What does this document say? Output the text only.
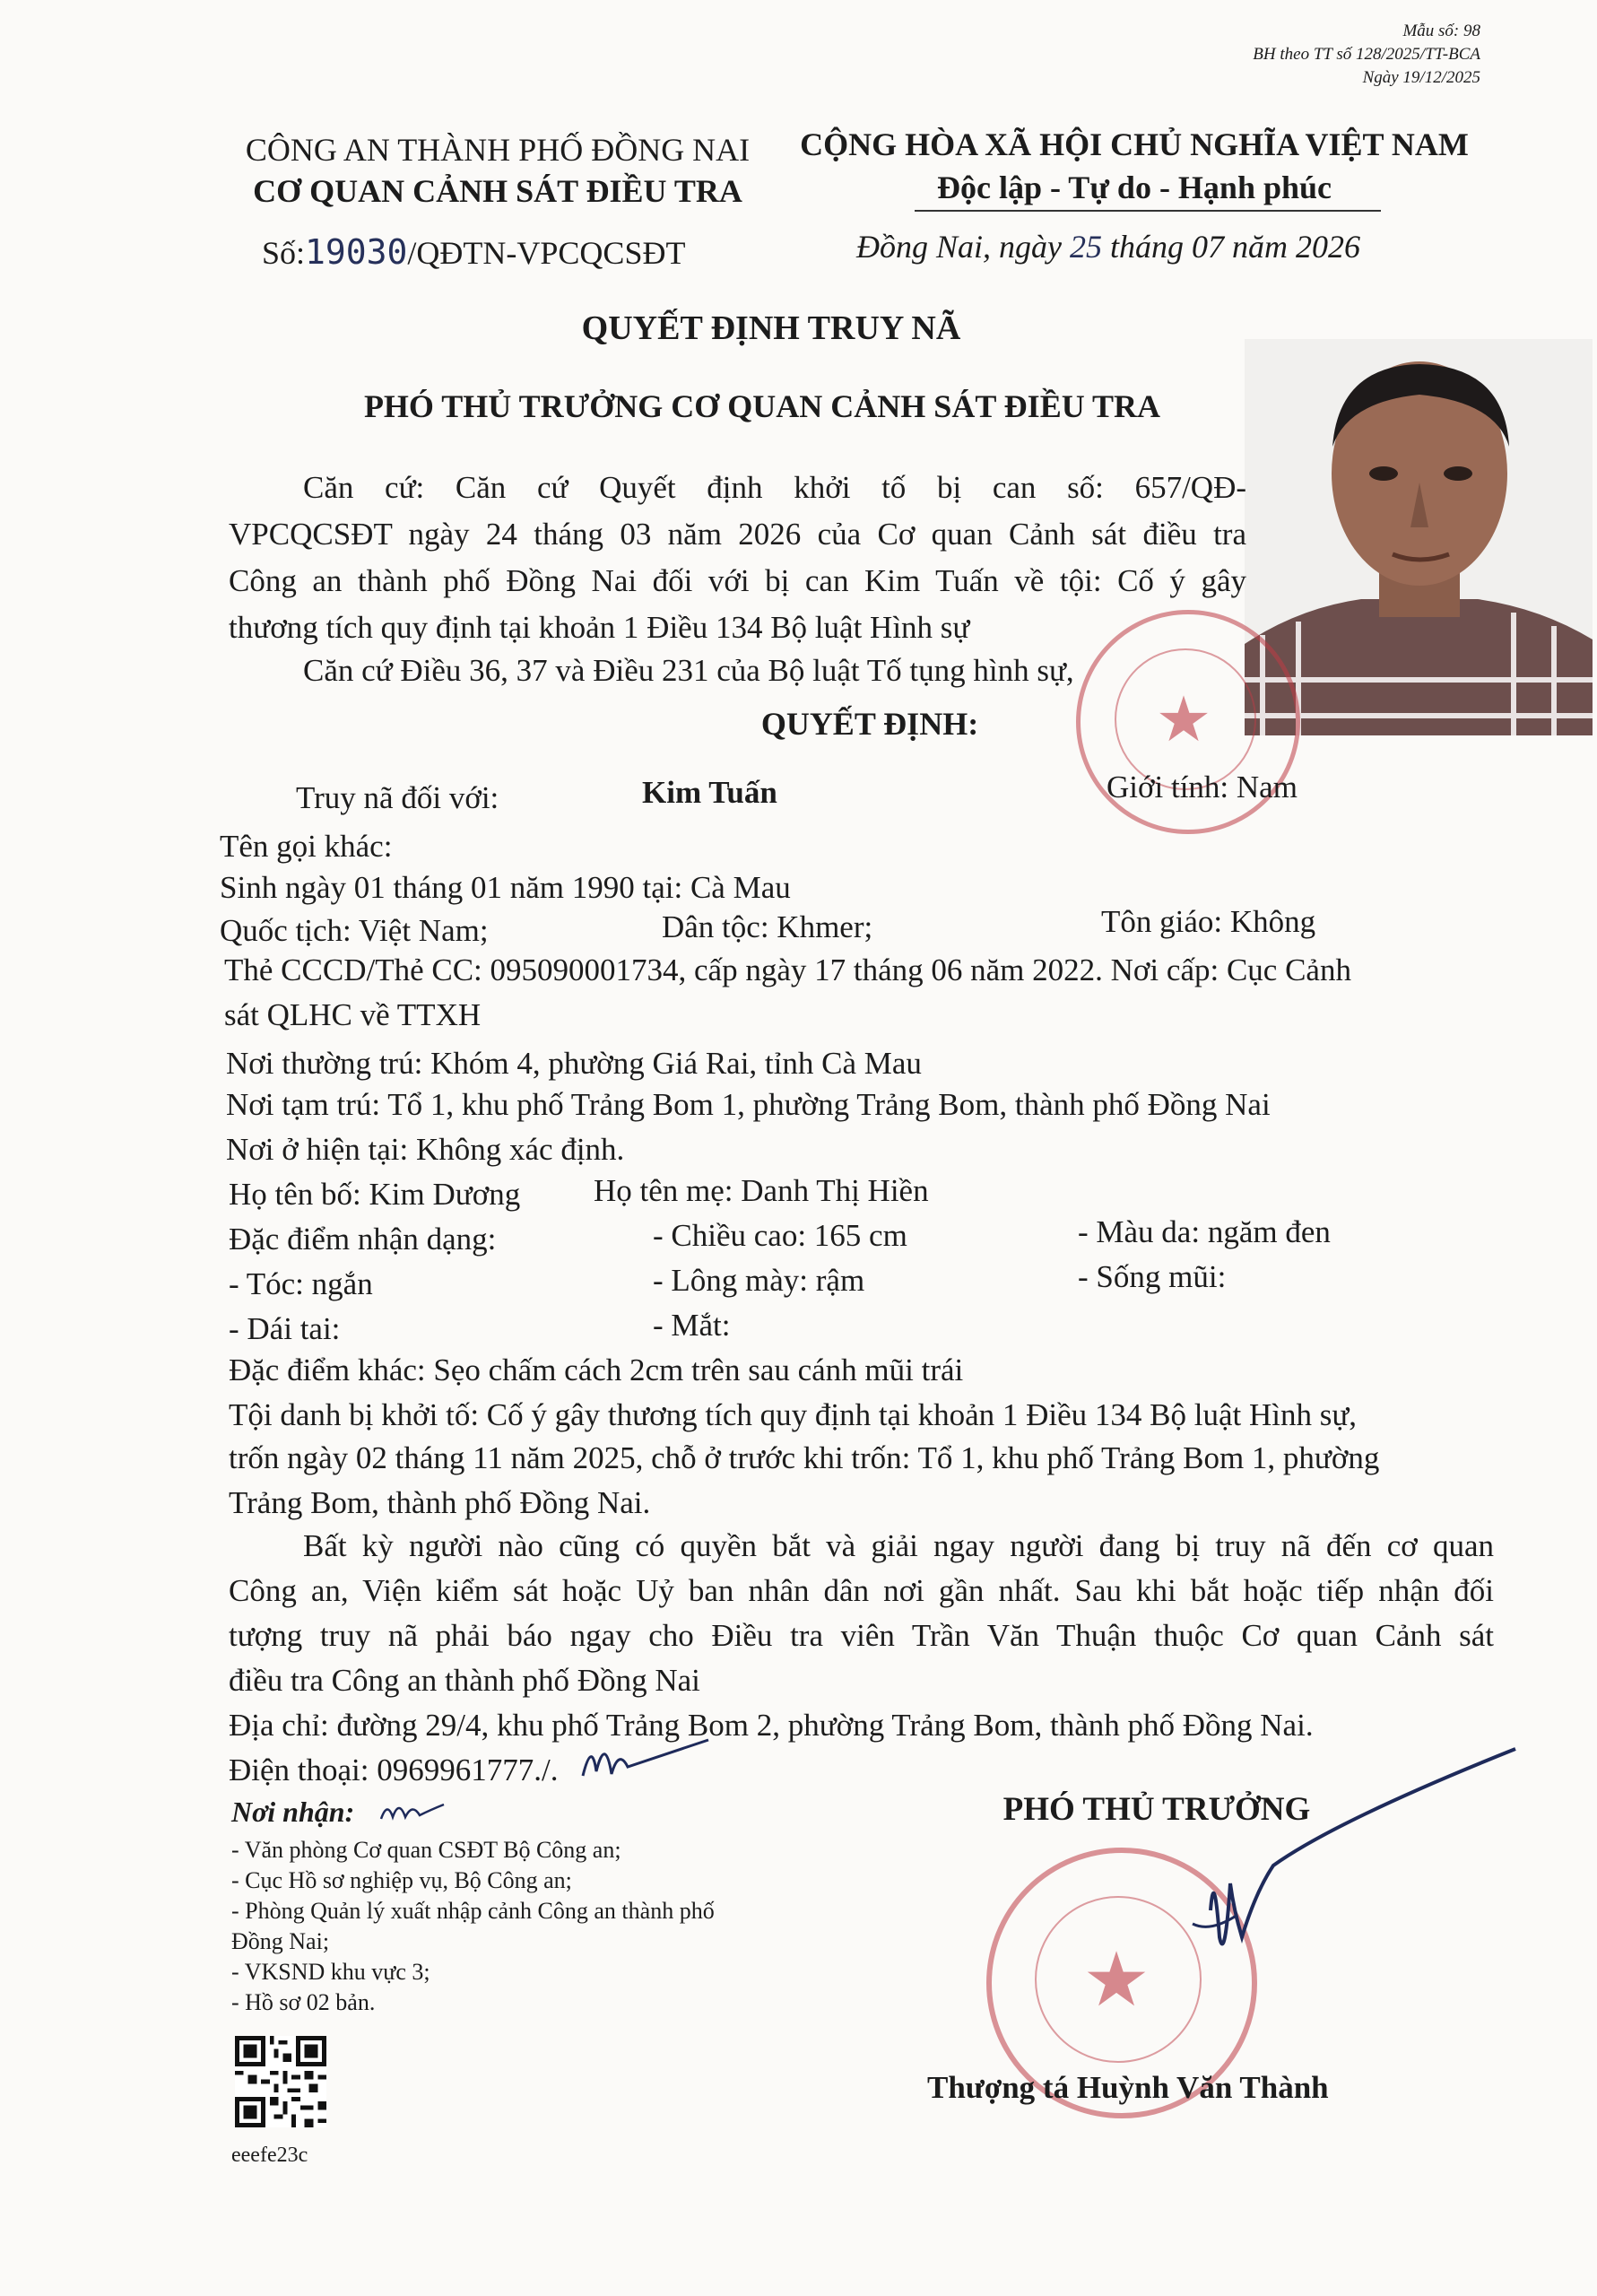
Mẫu số: 98
BH theo TT số 128/2025/TT-BCA
Ngày 19/12/2025
CÔNG AN THÀNH PHỐ ĐỒNG NAI
CƠ QUAN CẢNH SÁT ĐIỀU TRA
Số:19030/QĐTN-VPCQCSĐT
CỘNG HÒA XÃ HỘI CHỦ NGHĨA VIỆT NAM
Độc lập - Tự do - Hạnh phúc
Đồng Nai, ngày 25 tháng 07 năm 2026
QUYẾT ĐỊNH TRUY NÃ
PHÓ THỦ TRƯỞNG CƠ QUAN CẢNH SÁT ĐIỀU TRA
★
Căn cứ: Căn cứ Quyết định khởi tố bị can số: 657/QĐ-
VPCQCSĐT ngày 24 tháng 03 năm 2026 của Cơ quan Cảnh sát điều tra
Công an thành phố Đồng Nai đối với bị can Kim Tuấn về tội: Cố ý gây
thương tích quy định tại khoản 1 Điều 134 Bộ luật Hình sự
Căn cứ Điều 36, 37 và Điều 231 của Bộ luật Tố tụng hình sự,
QUYẾT ĐỊNH:
Truy nã đối với:	Kim Tuấn	Giới tính: Nam
Tên gọi khác:
Sinh ngày 01 tháng 01 năm 1990 tại: Cà Mau
Quốc tịch: Việt Nam;	Dân tộc: Khmer;	Tôn giáo: Không
Thẻ CCCD/Thẻ CC: 095090001734, cấp ngày 17 tháng 06 năm 2022. Nơi cấp: Cục Cảnh
sát QLHC về TTXH
Nơi thường trú: Khóm 4, phường Giá Rai, tỉnh Cà Mau
Nơi tạm trú: Tổ 1, khu phố Trảng Bom 1, phường Trảng Bom, thành phố Đồng Nai
Nơi ở hiện tại: Không xác định.
Họ tên bố: Kim Dương Họ tên mẹ: Danh Thị Hiền
Đặc điểm nhận dạng:	- Chiều cao: 165 cm	- Màu da: ngăm đen
- Tóc: ngắn	- Lông mày: rậm	- Sống mũi:
- Dái tai:	- Mắt:
Đặc điểm khác: Sẹo chấm cách 2cm trên sau cánh mũi trái
Tội danh bị khởi tố: Cố ý gây thương tích quy định tại khoản 1 Điều 134 Bộ luật Hình sự,
trốn ngày 02 tháng 11 năm 2025, chỗ ở trước khi trốn: Tổ 1, khu phố Trảng Bom 1, phường
Trảng Bom, thành phố Đồng Nai.
Bất kỳ người nào cũng có quyền bắt và giải ngay người đang bị truy nã đến cơ quan
Công an, Viện kiểm sát hoặc Uỷ ban nhân dân nơi gần nhất. Sau khi bắt hoặc tiếp nhận đối
tượng truy nã phải báo ngay cho Điều tra viên Trần Văn Thuận thuộc Cơ quan Cảnh sát
điều tra Công an thành phố Đồng Nai
Địa chỉ: đường 29/4, khu phố Trảng Bom 2, phường Trảng Bom, thành phố Đồng Nai.
Điện thoại: 0969961777./.
Nơi nhận:
- Văn phòng Cơ quan CSĐT Bộ Công an;
- Cục Hồ sơ nghiệp vụ, Bộ Công an;
- Phòng Quản lý xuất nhập cảnh Công an thành phố
Đồng Nai;
- VKSND khu vực 3;
- Hồ sơ 02 bản.
eeefe23c
PHÓ THỦ TRƯỞNG
★
Thượng tá Huỳnh Văn Thành
